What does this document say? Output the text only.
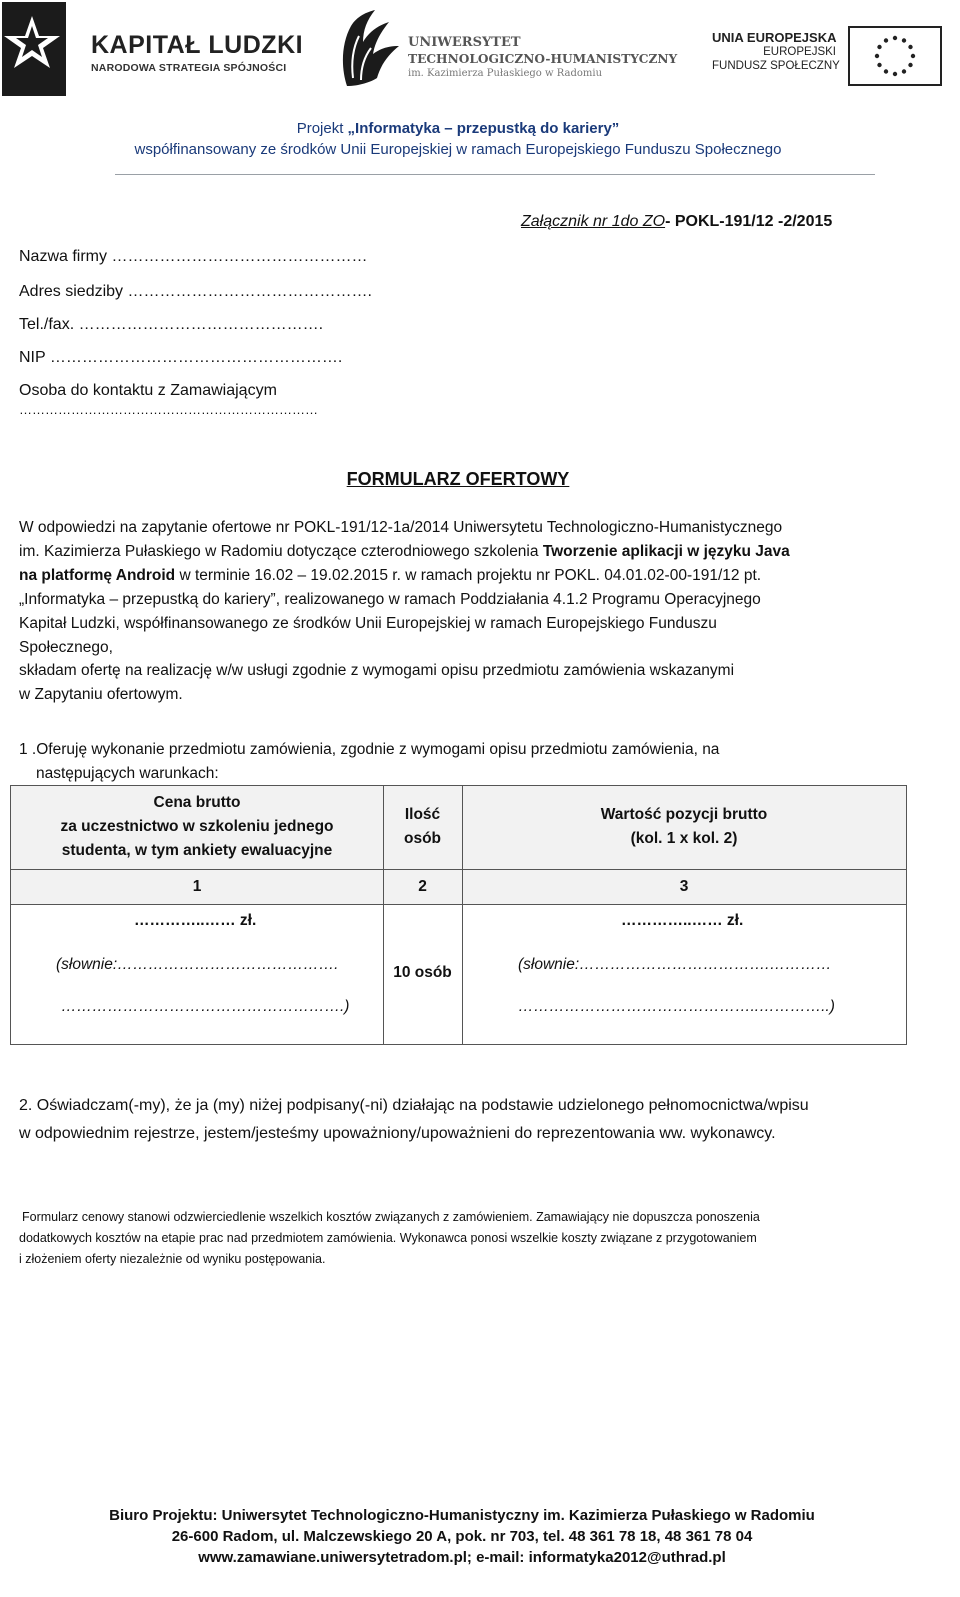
KAPITAŁ LUDZKI
NARODOWA STRATEGIA SPÓJNOŚCI
UNIWERSYTET
TECHNOLOGICZNO-HUMANISTYCZNY
im. Kazimierza Pułaskiego w Radomiu
UNIA EUROPEJSKA
EUROPEJSKI
FUNDUSZ SPOŁECZNY
Projekt „Informatyka – przepustką do kariery”
współfinansowany ze środków Unii Europejskiej w ramach Europejskiego Funduszu Społecznego
Załącznik nr 1do ZO- POKL-191/12 -2/2015
Nazwa firmy …………………………………………
Adres siedziby ……………………………………….
Tel./fax. ……………………………………….
NIP ……………………………………………….
Osoba do kontaktu z Zamawiającym
……………………………………………………………
FORMULARZ OFERTOWY
W odpowiedzi na zapytanie ofertowe nr POKL-191/12-1a/2014 Uniwersytetu Technologiczno-Humanistycznego
im. Kazimierza Pułaskiego w Radomiu dotyczące czterodniowego szkolenia Tworzenie aplikacji w języku Java
na platformę Android w terminie 16.02 – 19.02.2015 r. w ramach projektu nr POKL. 04.01.02-00-191/12 pt.
„Informatyka – przepustką do kariery”, realizowanego w ramach Poddziałania 4.1.2 Programu Operacyjnego
Kapitał Ludzki, współfinansowanego ze środków Unii Europejskiej w ramach Europejskiego Funduszu
Społecznego,
składam ofertę na realizację w/w usługi zgodnie z wymogami opisu przedmiotu zamówienia wskazanymi
w Zapytaniu ofertowym.
1 .Oferuję wykonanie przedmiotu zamówienia, zgodnie z wymogami opisu przedmiotu zamówienia, na
następujących warunkach:
Cena brutto
za uczestnictwo w szkoleniu jednego
studenta, w tym ankiety ewaluacyjne
Ilość
osób
Wartość pozycji brutto
(kol. 1 x kol. 2)
1	2	3
…………..…… zł.
(słownie:…………………………………….
……………………………………………….)
10 osób
…………..…… zł.
(słownie:……………………………….…………
………………………………………..…………..)
2. Oświadczam(-my), że ja (my) niżej podpisany(-ni) działając na podstawie udzielonego pełnomocnictwa/wpisu
w odpowiednim rejestrze, jestem/jesteśmy upoważniony/upoważnieni do reprezentowania ww. wykonawcy.
Formularz cenowy stanowi odzwierciedlenie wszelkich kosztów związanych z zamówieniem. Zamawiający nie dopuszcza ponoszenia
dodatkowych kosztów na etapie prac nad przedmiotem zamówienia. Wykonawca ponosi wszelkie koszty związane z przygotowaniem
i złożeniem oferty niezależnie od wyniku postępowania.
Biuro Projektu: Uniwersytet Technologiczno-Humanistyczny im. Kazimierza Pułaskiego w Radomiu
26-600 Radom, ul. Malczewskiego 20 A, pok. nr 703, tel. 48 361 78 18, 48 361 78 04
www.zamawiane.uniwersytetradom.pl; e-mail: informatyka2012@uthrad.pl
